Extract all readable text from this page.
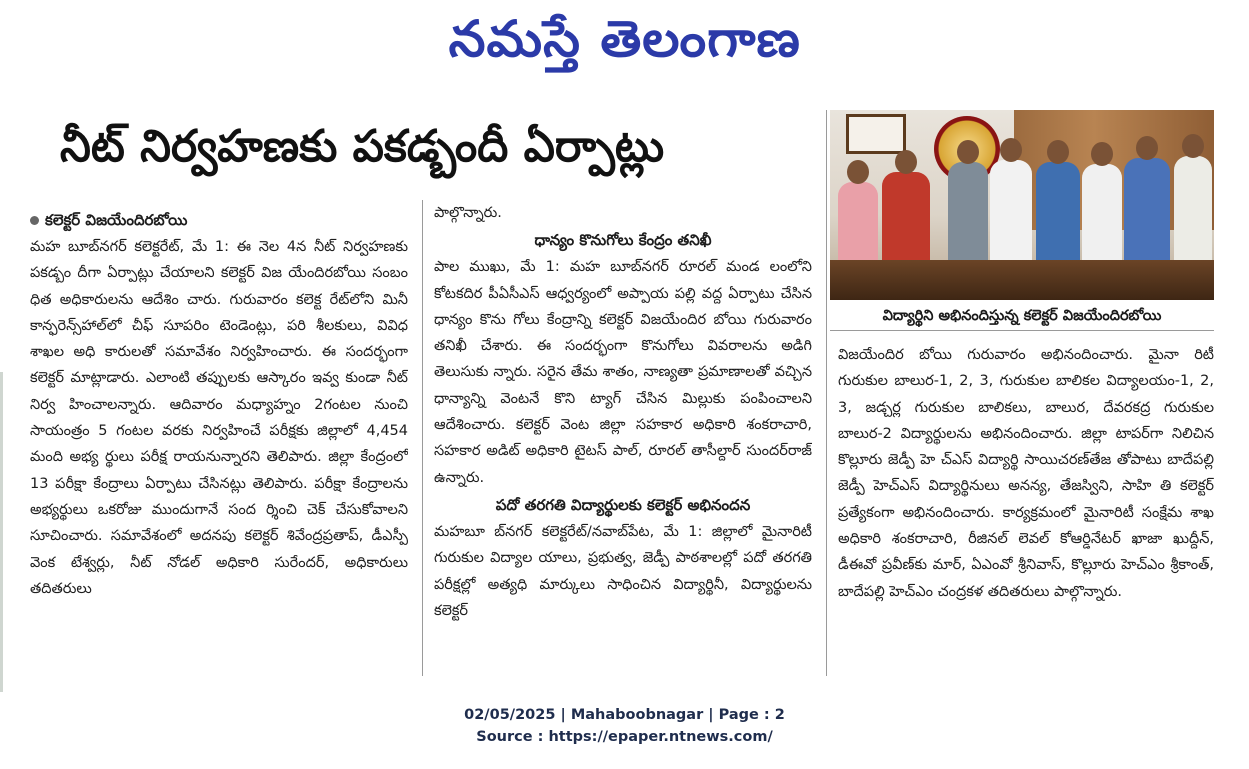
నమస్తే తెలంగాణ
నీట్ నిర్వహణకు పకడ్బందీ ఏర్పాట్లు
కలెక్టర్ విజయేందిరబోయి

మహ బూబ్‌నగర్ కలెక్టరేట్, మే 1: ఈ నెల 4న నీట్ నిర్వహణకు పకడ్బం దీగా ఏర్పాట్లు చేయాలని కలెక్టర్ విజ యేందిరబోయి సంబం ధిత అధికారులను ఆదేశిం చారు. గురువారం కలెక్ట రేట్‌లోని మినీ కాన్ఫరెన్స్‌హాల్‌లో చీఫ్ సూపరిం టెండెంట్లు, పరి శీలకులు, వివిధ శాఖల అధి కారులతో సమావేశం నిర్వహించారు. ఈ సందర్భంగా కలెక్టర్ మాట్లాడారు. ఎలాంటి తప్పులకు ఆస్కారం ఇవ్వ కుండా నీట్ నిర్వ హించాలన్నారు. ఆదివారం మధ్యాహ్నం 2గంటల నుంచి సాయంత్రం 5 గంటల వరకు నిర్వహించే పరీక్షకు జిల్లాలో 4,454 మంది అభ్య ర్థులు పరీక్ష రాయనున్నారని తెలిపారు. జిల్లా కేంద్రంలో 13 పరీక్షా కేంద్రాలు ఏర్పాటు చేసినట్లు తెలిపారు. పరీక్షా కేంద్రాలను అభ్యర్థులు ఒకరోజు ముందుగానే సంద ర్శించి చెక్ చేసుకోవాలని సూచించారు. సమావేశంలో అదనపు కలెక్టర్ శివేంద్రప్రతాప్, డీఎస్పీ వెంక టేశ్వర్లు, నీట్ నోడల్ అధికారి సురేందర్, అధికారులు తదితరులు

పాల్గొన్నారు.

ధాన్యం కొనుగోలు కేంద్రం తనిఖీ

పాల ముఖు, మే 1: మహ బూబ్‌నగర్ రూరల్ మండ లంలోని కోటకదిర పీఏసీఎస్ ఆధ్వర్యంలో అప్పాయ పల్లి వద్ద ఏర్పాటు చేసిన ధాన్యం కొను గోలు కేంద్రాన్ని కలెక్టర్ విజయేందిర బోయి గురువారం తనిఖీ చేశారు. ఈ సందర్భంగా కొనుగోలు వివరాలను అడిగి తెలుసుకు న్నారు. సరైన తేమ శాతం, నాణ్యతా ప్రమాణాలతో వచ్చిన ధాన్యాన్ని వెంటనే కొని ట్యాగ్ చేసిన మిల్లుకు పంపించాలని ఆదేశించారు. కలెక్టర్ వెంట జిల్లా సహకార అధికారి శంకరాచారి, సహకార అడిట్ అధికారి టైటస్ పాల్, రూరల్ తాసీల్దార్ సుందర్‌రాజ్ ఉన్నారు.

పదో తరగతి విద్యార్థులకు కలెక్టర్ అభినందన

మహబూ బ్‌నగర్ కలెక్టరేట్/నవాబ్‌పేట, మే 1: జిల్లాలో మైనారిటీ గురుకుల విద్యాల యాలు, ప్రభుత్వ, జెడ్పీ పాఠశాలల్లో పదో తరగతి పరీక్షల్లో అత్యధి మార్కులు సాధించిన విద్యార్థినీ, విద్యార్థులను కలెక్టర్

విద్యార్థిని అభినందిస్తున్న కలెక్టర్ విజయేందిరబోయి

విజయేందిర బోయి గురువారం అభినందించారు. మైనా రిటీ గురుకుల బాలుర-1, 2, 3, గురుకుల బాలికల విద్యాలయం-1, 2, 3, జడ్చర్ల గురుకుల బాలికలు, బాలుర, దేవరకద్ర గురుకుల బాలుర-2 విద్యార్థులను అభినందించారు. జిల్లా టాపర్‌గా నిలిచిన కొల్లూరు జెడ్పీ హె చ్‌ఎస్ విద్యార్థి సాయిచరణ్‌తేజ తోపాటు బాదేపల్లి జెడ్పీ హెచ్‌ఎస్ విద్యార్థినులు అనన్య, తేజస్విని, సాహి తి కలెక్టర్ ప్రత్యేకంగా అభినందించారు. కార్యక్రమంలో మైనారిటీ సంక్షేమ శాఖ అధికారి శంకరాచారి, రీజినల్ లెవల్ కోఆర్డినేటర్ ఖాజా ఖుద్దీన్, డీఈవో ప్రవీణ్‌కు మార్, ఏఎంవో శ్రీనివాస్, కొల్లూరు హెచ్‌ఎం శ్రీకాంత్, బాదేపల్లి హెచ్‌ఎం చంద్రకళ తదితరులు పాల్గొన్నారు.

02/05/2025 | Mahaboobnagar | Page : 2
Source : https://epaper.ntnews.com/
